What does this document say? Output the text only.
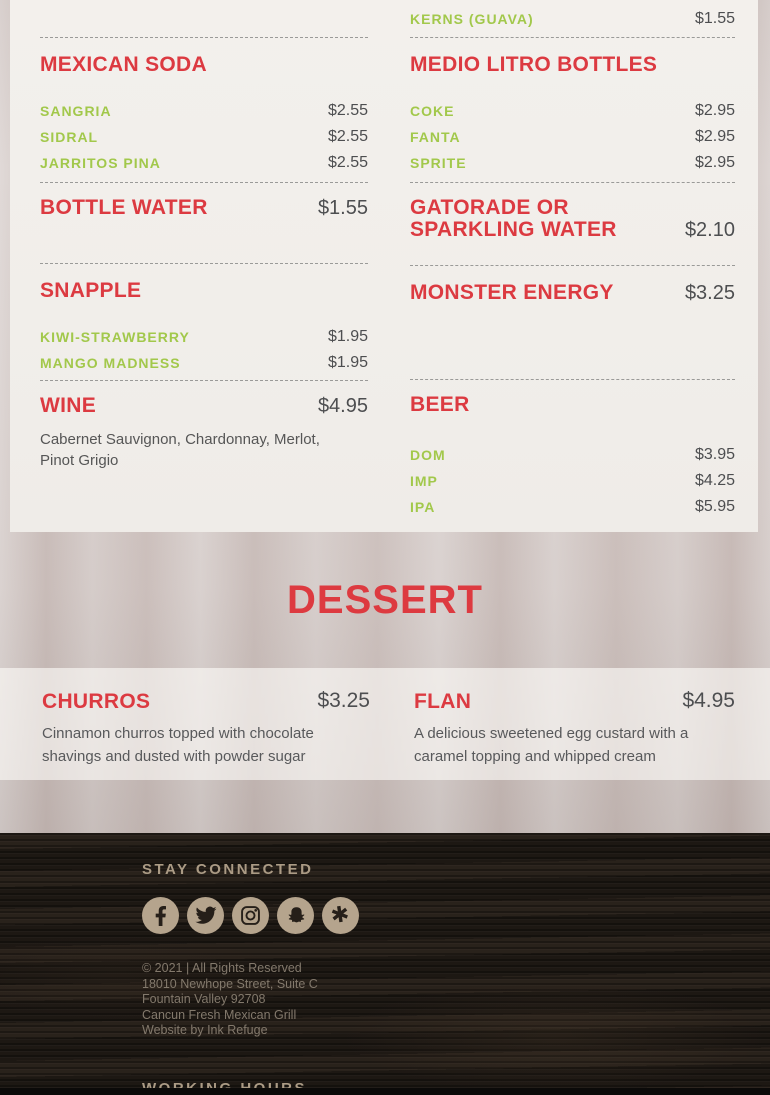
MEXICAN SODA
SANGRIA	$2.55
SIDRAL	$2.55
JARRITOS PINA	$2.55
BOTTLE WATER	$1.55
SNAPPLE
KIWI-STRAWBERRY	$1.95
MANGO MADNESS	$1.95
WINE	$4.95

Cabernet Sauvignon, Chardonnay, Merlot, Pinot Grigio

KERNS (GUAVA)	$1.55
MEDIO LITRO BOTTLES
COKE	$2.95
FANTA	$2.95
SPRITE	$2.95
GATORADE OR SPARKLING WATER	$2.10
MONSTER ENERGY	$3.25
BEER
DOM	$3.95
IMP	$4.25
IPA	$5.95
DESSERT
CHURROS	$3.25

Cinnamon churros topped with chocolate shavings and dusted with powder sugar

FLAN	$4.95

A delicious sweetened egg custard with a caramel topping and whipped cream

STAY CONNECTED
✱
© 2021 | All Rights Reserved
18010 Newhope Street, Suite C
Fountain Valley 92708
Cancun Fresh Mexican Grill
Website by Ink Refuge
